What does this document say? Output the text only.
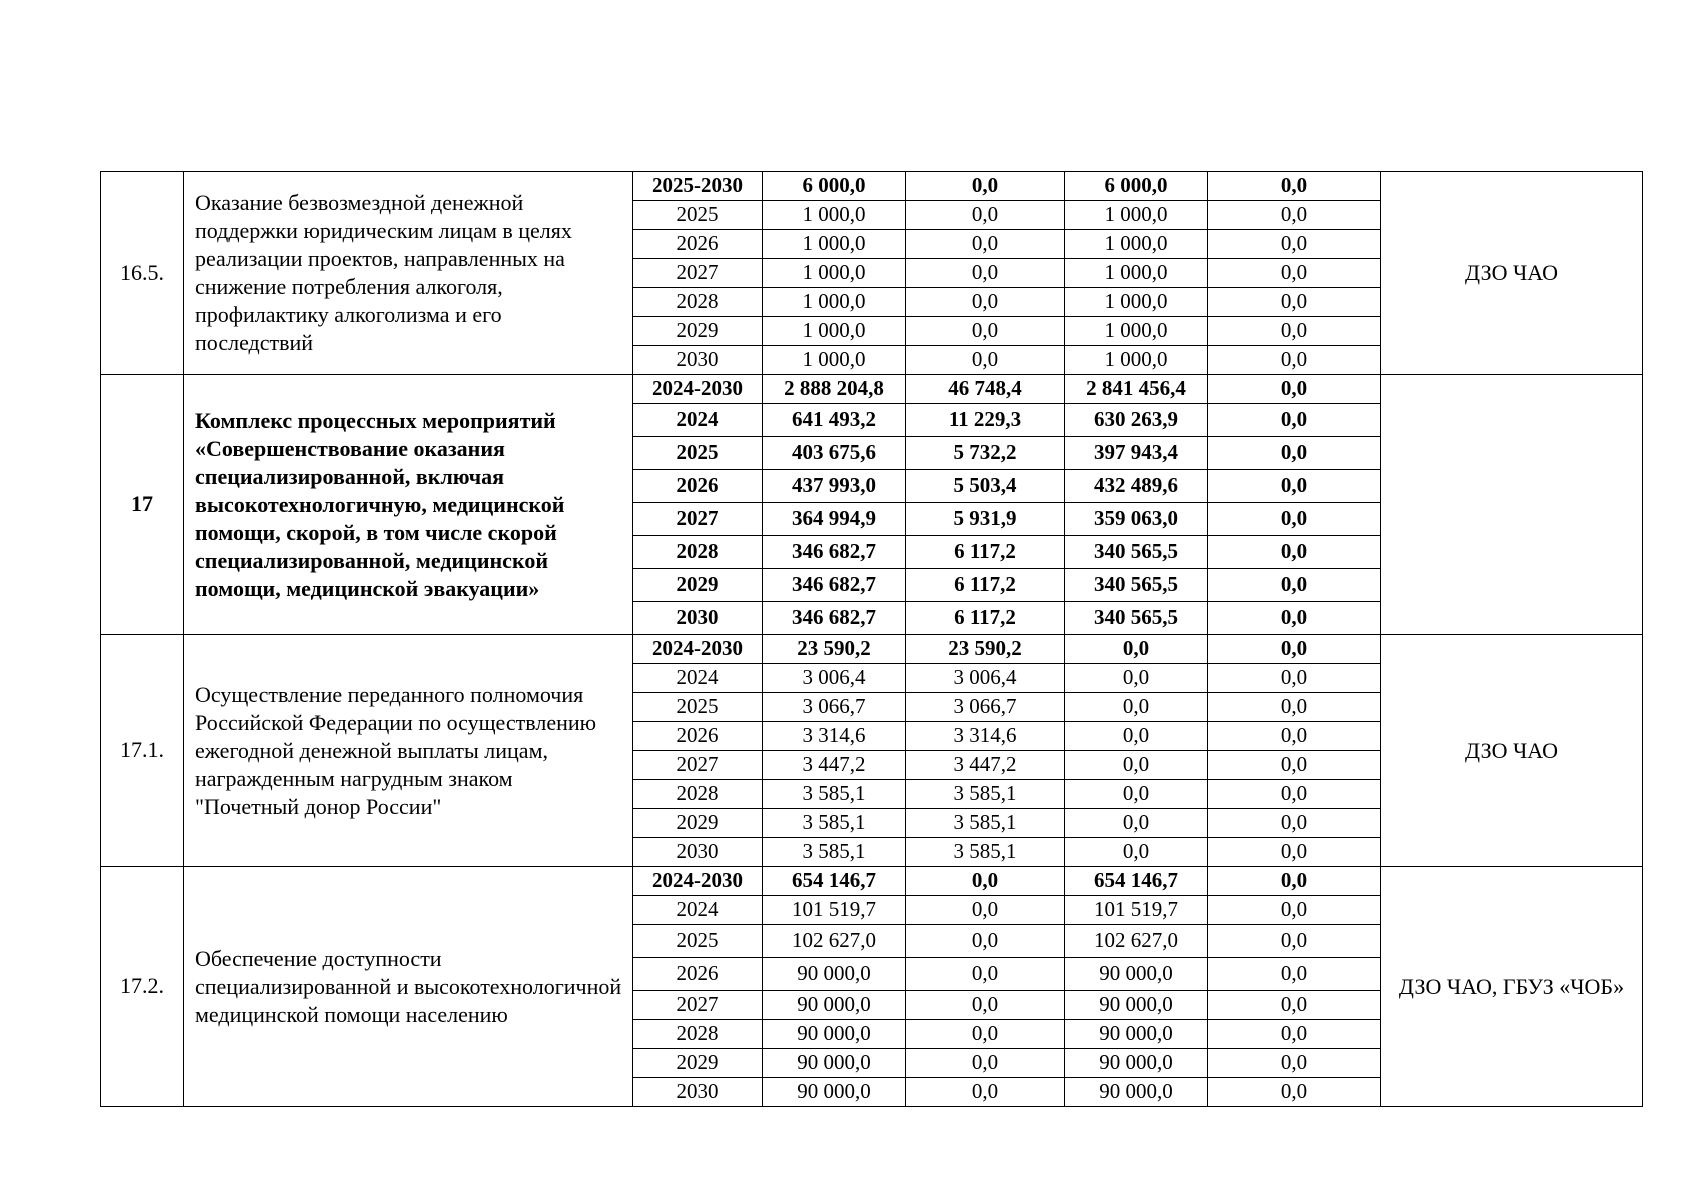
16.5.	Оказание безвозмездной денежной поддержки юридическим лицам в целях реализации проектов, направленных на снижение потребления алкоголя, профилактику алкоголизма и его последствий	2025-2030	6 000,0	0,0	6 000,0	0,0	ДЗО ЧАО
		2025	1 000,0	0,0	1 000,0	0,0	
		2026	1 000,0	0,0	1 000,0	0,0	
		2027	1 000,0	0,0	1 000,0	0,0	
		2028	1 000,0	0,0	1 000,0	0,0	
		2029	1 000,0	0,0	1 000,0	0,0	
		2030	1 000,0	0,0	1 000,0	0,0	
17	Комплекс процессных мероприятий «Совершенствование оказания специализированной, включая высокотехнологичную, медицинской помощи, скорой, в том числе скорой специализированной, медицинской помощи, медицинской эвакуации»	2024-2030	2 888 204,8	46 748,4	2 841 456,4	0,0	
		2024	641 493,2	11 229,3	630 263,9	0,0	
		2025	403 675,6	5 732,2	397 943,4	0,0	
		2026	437 993,0	5 503,4	432 489,6	0,0	
		2027	364 994,9	5 931,9	359 063,0	0,0	
		2028	346 682,7	6 117,2	340 565,5	0,0	
		2029	346 682,7	6 117,2	340 565,5	0,0	
		2030	346 682,7	6 117,2	340 565,5	0,0	
17.1.	Осуществление переданного полномочия Российской Федерации по осуществлению ежегодной денежной выплаты лицам, награжденным нагрудным знаком "Почетный донор России"	2024-2030	23 590,2	23 590,2	0,0	0,0	ДЗО ЧАО
		2024	3 006,4	3 006,4	0,0	0,0	
		2025	3 066,7	3 066,7	0,0	0,0	
		2026	3 314,6	3 314,6	0,0	0,0	
		2027	3 447,2	3 447,2	0,0	0,0	
		2028	3 585,1	3 585,1	0,0	0,0	
		2029	3 585,1	3 585,1	0,0	0,0	
		2030	3 585,1	3 585,1	0,0	0,0	
17.2.	Обеспечение доступности специализированной и высокотехнологичной медицинской помощи населению	2024-2030	654 146,7	0,0	654 146,7	0,0	ДЗО ЧАО, ГБУЗ «ЧОБ»
		2024	101 519,7	0,0	101 519,7	0,0	
		2025	102 627,0	0,0	102 627,0	0,0	
		2026	90 000,0	0,0	90 000,0	0,0	
		2027	90 000,0	0,0	90 000,0	0,0	
		2028	90 000,0	0,0	90 000,0	0,0	
		2029	90 000,0	0,0	90 000,0	0,0	
		2030	90 000,0	0,0	90 000,0	0,0	
